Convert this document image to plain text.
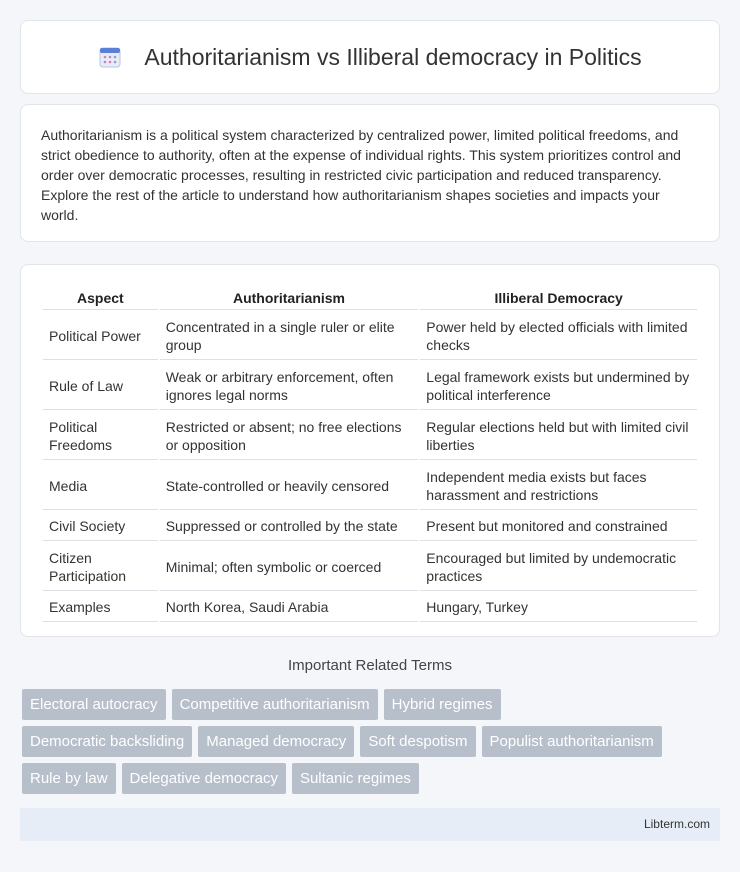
Authoritarianism vs Illiberal democracy in Politics

Authoritarianism is a political system characterized by centralized power, limited political freedoms, and strict obedience to authority, often at the expense of individual rights. This system prioritizes control and order over democratic processes, resulting in restricted civic participation and reduced transparency. Explore the rest of the article to understand how authoritarianism shapes societies and impacts your world.

Aspect	Authoritarianism	Illiberal Democracy
Political Power	Concentrated in a single ruler or elite group	Power held by elected officials with limited checks
Rule of Law	Weak or arbitrary enforcement, often ignores legal norms	Legal framework exists but undermined by political interference
Political Freedoms	Restricted or absent; no free elections or opposition	Regular elections held but with limited civil liberties
Media	State-controlled or heavily censored	Independent media exists but faces harassment and restrictions
Civil Society	Suppressed or controlled by the state	Present but monitored and constrained
Citizen Participation	Minimal; often symbolic or coerced	Encouraged but limited by undemocratic practices
Examples	North Korea, Saudi Arabia	Hungary, Turkey
Important Related Terms
Electoral autocracy	Competitive authoritarianism	Hybrid regimes
Democratic backsliding	Managed democracy	Soft despotism	Populist authoritarianism
Rule by law	Delegative democracy	Sultanic regimes
Libterm.com
